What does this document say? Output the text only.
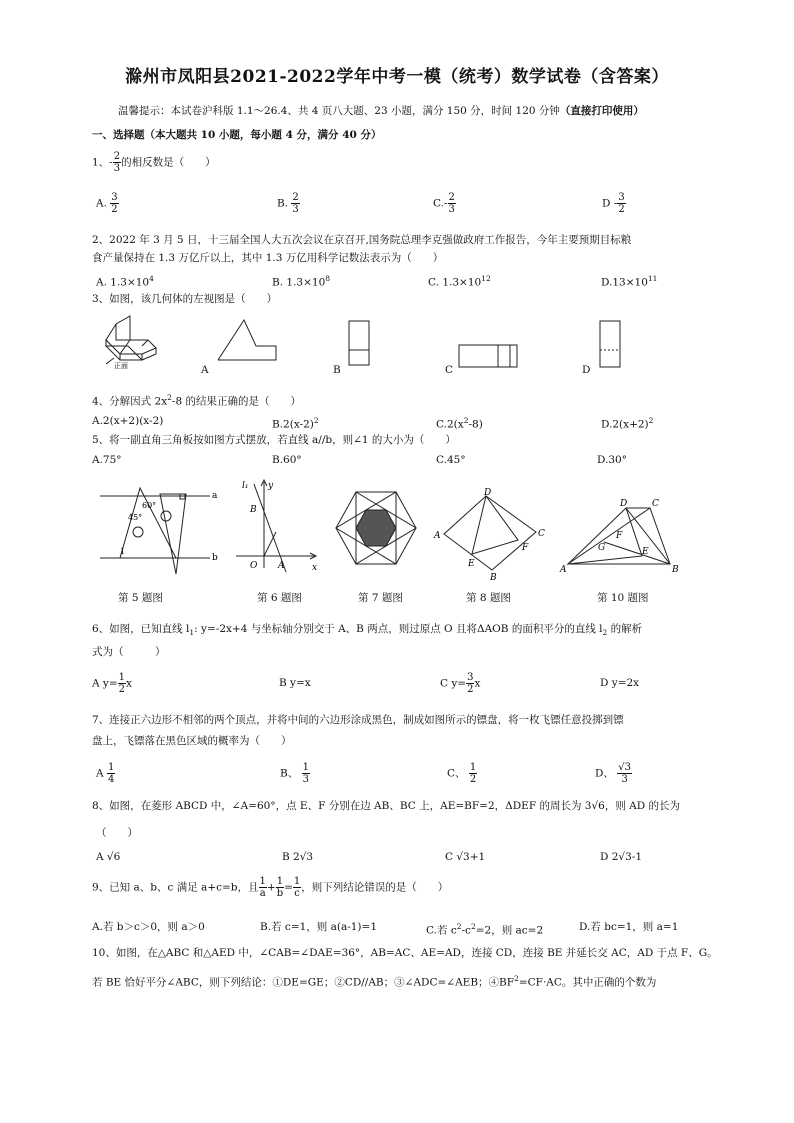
滁州市凤阳县2021-2022学年中考一模（统考）数学试卷（含答案）
温馨提示：本试卷沪科版 1.1～26.4、共 4 页八大题、23 小题，满分 150 分，时间 120 分钟（直接打印使用）
一、选择题（本大题共 10 小题，每小题 4 分，满分 40 分）
1、- $\frac{2}{3}$ 的相反数是（　　）
A. $\frac{3}{2}$	B. $\frac{2}{3}$	$C.- \frac{2}{3}$	D - $\frac{3}{2}$
2、2022 年 3 月 5 日，十三届全国人大五次会议在京召开,国务院总理李克强做政府工作报告，今年主要预期目标粮
食产量保持在 1.3 万亿斤以上，其中 1.3 万亿用科学记数法表示为（　　）
A. $1.3\times 10^4$	B. $1.3\times 10^8$	C. $1.3\times 10^{12}$	$D.13\times 10^{11}$
3、如图，该几何体的左视图是（　　）
正面	A	B	C	D
4、分解因式 $2x^2-8$ 的结果正确的是（　　）
A.2(x+2)(x-2)	$B.2(x-2)^2$	$C.2(x^2-8)$	$D.2(x+2)^2$
5、将一副直角三角板按如图方式摆放，若直线 a//b，则∠1 的大小为（　　）
A.75°	B.60°	C.45°	D.30°
60°
45°
a
b
1
第 5 题图
l₁ y
B
O A	x
第 6 题图	第 7 题图
D
A	C
E
F
B
第 8 题图
D	C
F
G	E
A	B
第 10 题图
6、如图，已知直线 $l_1$: y=-2x+4 与坐标轴分别交于 A、B 两点，则过原点 O 且将ΔAOB 的面积平分的直线 $l_2$ 的解析
式为（　　　）
A $y= \frac{1}{2}$ x	B y=x	C $y= \frac{3}{2}$ x	D y=2x
7、连接正六边形不相邻的两个顶点，并将中间的六边形涂成黑色，制成如图所示的镖盘，将一枚飞镖任意投掷到镖
盘上，飞镖落在黑色区域的概率为（　　）
A $\frac{1}{4}$	B、 $\frac{1}{3}$	C、 $\frac{1}{2}$	D、 $\frac{√3}{3}$
8、如图，在菱形 ABCD 中，∠A=60°，点 E、F 分别在边 AB、BC 上，AE=BF=2，ΔDEF 的周长为 3√6，则 AD 的长为
（　　）
A √6	B 2√3	C √3+1	D 2√3-1
9、已知 a、b、c 满足 a+c=b，且 $\frac{1}{a} + \frac{1}{b} = \frac{1}{c}$ ，则下列结论错误的是（　　）
A.若 b＞c＞0，则 a＞0	B.若 c=1，则 a(a-1)=1	C.若 $c^2-c^2=2$，则 ac=2	D.若 bc=1，则 a=1
10、如图，在△ABC 和△AED 中，∠CAB=∠DAE=36°，AB=AC、AE=AD，连接 CD，连接 BE 并延长交 AC，AD 于点 F、G。
若 BE 恰好平分∠ABC，则下列结论：①DE=GE；②CD//AB；③∠ADC=∠AEB；$④BF^2=CF\cdot AC$。其中正确的个数为
